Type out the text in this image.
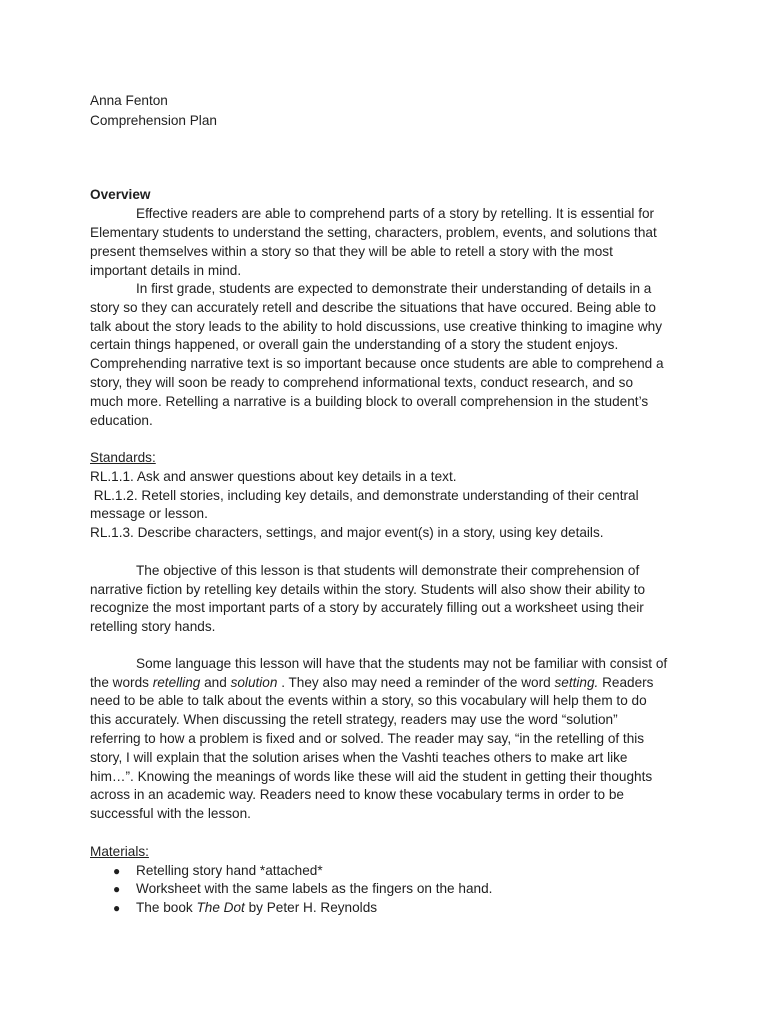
Anna Fenton
Comprehension Plan
Overview
Effective readers are able to comprehend parts of a story by retelling. It is essential for
Elementary students to understand the setting, characters, problem, events, and solutions that
present themselves within a story so that they will be able to retell a story with the most
important details in mind.
In first grade, students are expected to demonstrate their understanding of details in a
story so they can accurately retell and describe the situations that have occured. Being able to
talk about the story leads to the ability to hold discussions, use creative thinking to imagine why
certain things happened, or overall gain the understanding of a story the student enjoys.
Comprehending narrative text is so important because once students are able to comprehend a
story, they will soon be ready to comprehend informational texts, conduct research, and so
much more. Retelling a narrative is a building block to overall comprehension in the student’s
education.
Standards:
RL.1.1. Ask and answer questions about key details in a text.
RL.1.2. Retell stories, including key details, and demonstrate understanding of their central
message or lesson.
RL.1.3. Describe characters, settings, and major event(s) in a story, using key details.
The objective of this lesson is that students will demonstrate their comprehension of
narrative fiction by retelling key details within the story. Students will also show their ability to
recognize the most important parts of a story by accurately filling out a worksheet using their
retelling story hands.
Some language this lesson will have that the students may not be familiar with consist of
the words retelling and solution . They also may need a reminder of the word setting. Readers
need to be able to talk about the events within a story, so this vocabulary will help them to do
this accurately. When discussing the retell strategy, readers may use the word “solution”
referring to how a problem is fixed and or solved. The reader may say, “in the retelling of this
story, I will explain that the solution arises when the Vashti teaches others to make art like
him…”. Knowing the meanings of words like these will aid the student in getting their thoughts
across in an academic way. Readers need to know these vocabulary terms in order to be
successful with the lesson.
Materials:
● Retelling story hand *attached*
● Worksheet with the same labels as the fingers on the hand.
● The book The Dot by Peter H. Reynolds
